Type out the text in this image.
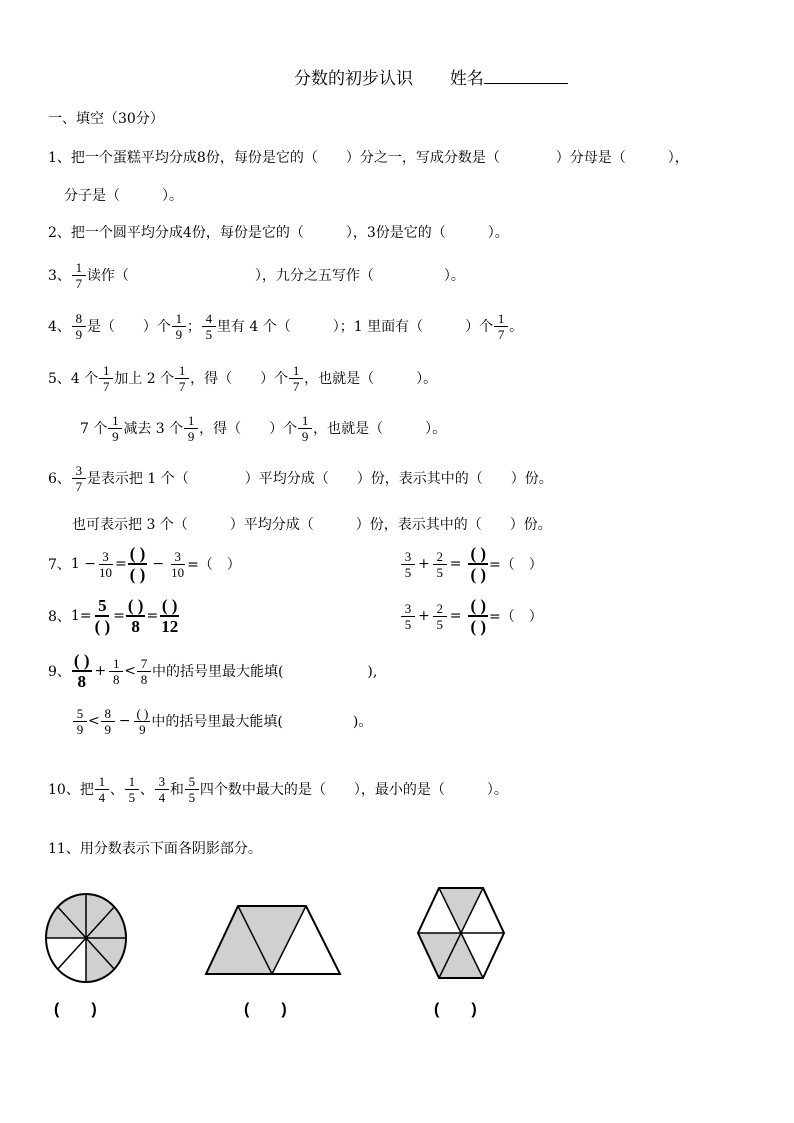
分数的初步认识 姓名
一、填空（30分）
1、把一个蛋糕平均分成8份，每份是它的（　　）分之一，写成分数是（　　　　）分母是（　　　），
分子是（　　　）。
2、把一个圆平均分成4份，每份是它的（　　　），3份是它的（　　　）。
3、 $\frac{1}{7}$ 读作（　　　　　　　　　），九分之五写作（　　　　　）。
4、 $\frac{8}{9}$ 是（　　）个 $\frac{1}{9}$ ； $\frac{4}{5}$ 里有 4 个（　　　）；1 里面有（　　　）个 $\frac{1}{7}$ 。
5、 4 个 $\frac{1}{7}$ 加上 2 个 $\frac{1}{7}$ ，得（　　）个 $\frac{1}{7}$ ，也就是（　　　）。
7 个 $\frac{1}{9}$ 减去 3 个 $\frac{1}{9}$ ，得（　　）个 $\frac{1}{9}$ ，也就是（　　　）。
6、 $\frac{3}{7}$ 是表示把 1 个（　　　　）平均分成（　　）份，表示其中的（　　）份。
也可表示把 3 个（　　　）平均分成（　　　）份，表示其中的（　　）份。
7、 $1 - \frac{3}{10} = \frac{( )}{( )} - \frac{3}{10}$ =（　）	$\frac{3}{5} + \frac{2}{5} = \frac{( )}{( )}$ =（　）
8、 $1= \frac{5}{( )} = \frac{( )}{8} = \frac{( )}{12}$	$\frac{3}{5} + \frac{2}{5} = \frac{( )}{( )}$ =（　）
9、 $\frac{( )}{8} + \frac{1}{8} < \frac{7}{8}$ 中的括号里最大能填(　　　　　　),
$\frac{5}{9} < \frac{8}{9} - \frac{( )}{9}$ 中的括号里最大能填(　　　　　)。
10、把 $\frac{1}{4}$ 、 $\frac{1}{5}$ 、 $\frac{3}{4}$ 和 $\frac{5}{5}$ 四个数中最大的是（　　），最小的是（　　　）。
11、用分数表示下面各阴影部分。
(　　)	(　　)	(　　)
